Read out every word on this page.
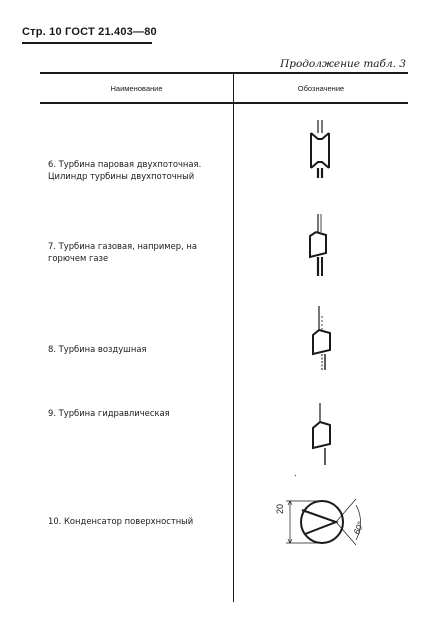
Стр. 10 ГОСТ 21.403—80
Продолжение табл. 3
Наименование	Обозначение
6. Турбина паровая двухпоточная. Цилиндр турбины двухпоточный
7. Турбина газовая, например, на горючем газе
8. Турбина воздушная
9. Турбина гидравлическая
10. Конденсатор поверхностный
20
60°
